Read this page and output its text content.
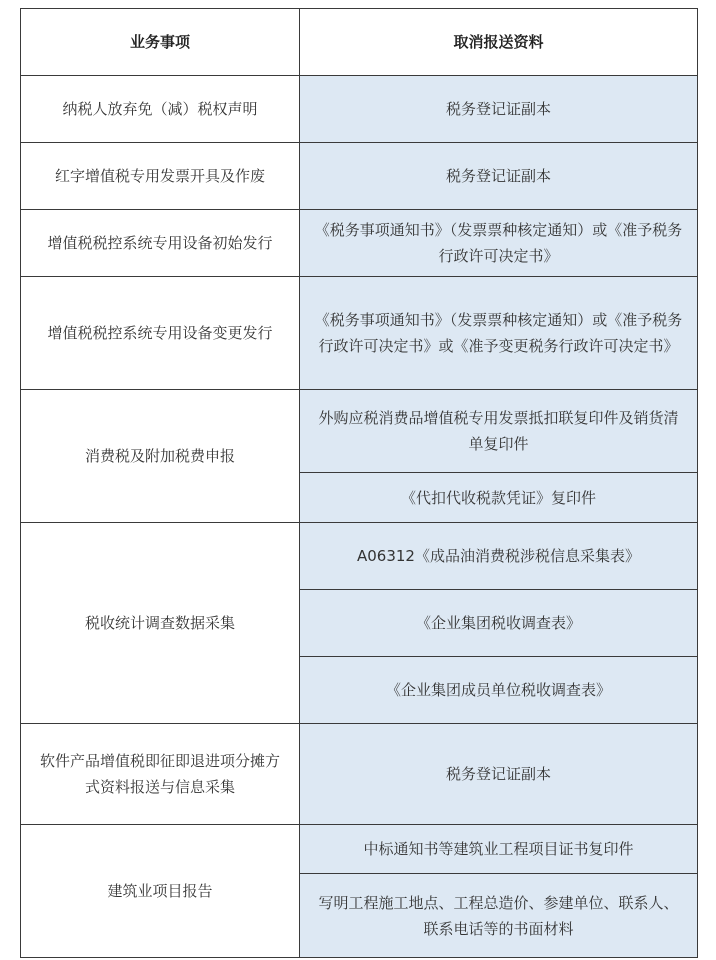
业务事项	取消报送资料
纳税人放弃免（减）税权声明	税务登记证副本
红字增值税专用发票开具及作废	税务登记证副本
增值税税控系统专用设备初始发行	《税务事项通知书》（发票票种核定通知）或《准予税务行政许可决定书》
增值税税控系统专用设备变更发行	《税务事项通知书》（发票票种核定通知）或《准予税务行政许可决定书》或《准予变更税务行政许可决定书》
消费税及附加税费申报	外购应税消费品增值税专用发票抵扣联复印件及销货清单复印件
	《代扣代收税款凭证》复印件
税收统计调查数据采集	A06312《成品油消费税涉税信息采集表》
	《企业集团税收调查表》
	《企业集团成员单位税收调查表》
软件产品增值税即征即退进项分摊方式资料报送与信息采集	税务登记证副本
建筑业项目报告	中标通知书等建筑业工程项目证书复印件
	写明工程施工地点、工程总造价、参建单位、联系人、联系电话等的书面材料
